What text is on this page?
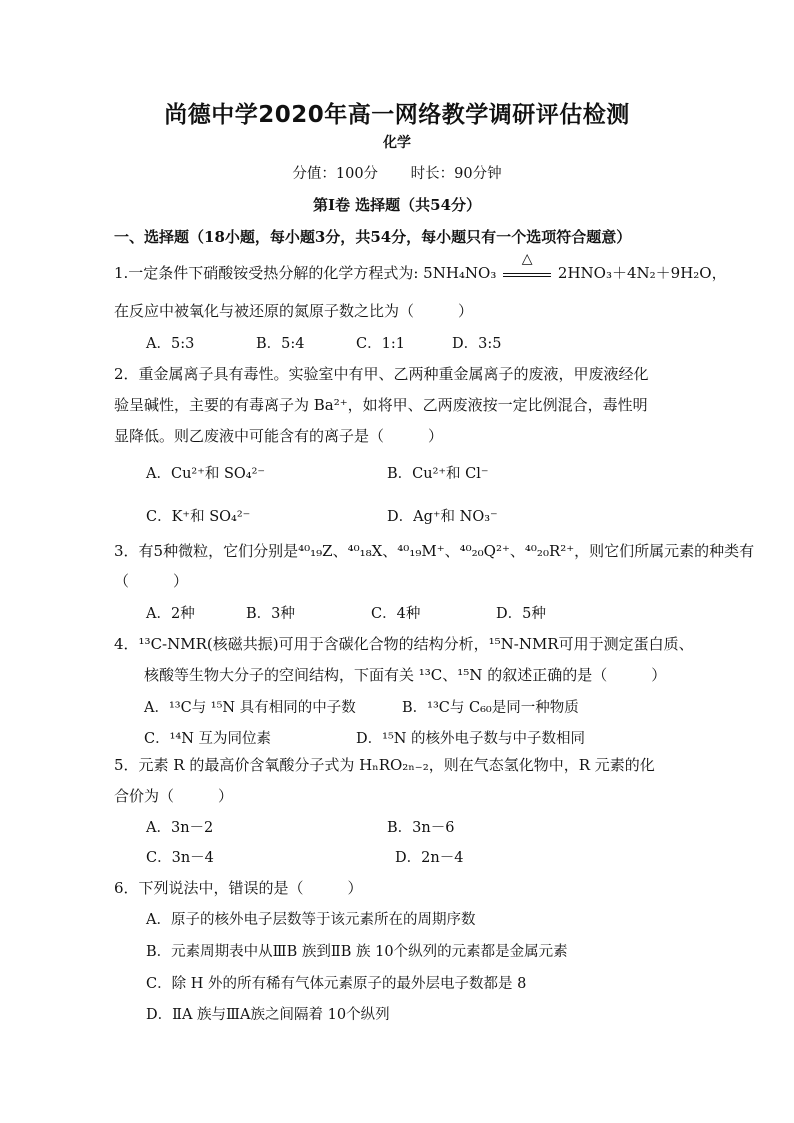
尚德中学2020年高一网络教学调研评估检测
化学
分值：100分 时长：90分钟
第Ⅰ卷 选择题（共54分）
一、选择题（18小题，每小题3分，共54分，每小题只有一个选项符合题意）
1.一定条件下硝酸铵受热分解的化学方程式为: 5NH₄NO₃
△
2HNO₃＋4N₂＋9H₂O，
在反应中被氧化与被还原的氮原子数之比为（	）
A．5:3	B．5:4	C．1:1	D．3:5
2．重金属离子具有毒性。实验室中有甲、乙两种重金属离子的废液，甲废液经化
验呈碱性，主要的有毒离子为 Ba²⁺，如将甲、乙两废液按一定比例混合，毒性明
显降低。则乙废液中可能含有的离子是（	）
A．Cu²⁺和 SO₄²⁻	B．Cu²⁺和 Cl⁻
C．K⁺和 SO₄²⁻	D．Ag⁺和 NO₃⁻
3．有5种微粒，它们分别是⁴⁰₁₉Z、⁴⁰₁₈X、⁴⁰₁₉M⁺、⁴⁰₂₀Q²⁺、⁴⁰₂₀R²⁺，则它们所属元素的种类有
（	）
A．2种	B．3种	C．4种	D．5种
4．¹³C-NMR(核磁共振)可用于含碳化合物的结构分析，¹⁵N-NMR可用于测定蛋白质、
核酸等生物大分子的空间结构，下面有关 ¹³C、¹⁵N 的叙述正确的是（	）
A．¹³C与 ¹⁵N 具有相同的中子数	B．¹³C与 C₆₀是同一种物质
C．¹⁴N 互为同位素	D．¹⁵N 的核外电子数与中子数相同
5．元素 R 的最高价含氧酸分子式为 HₙRO₂ₙ₋₂，则在气态氢化物中，R 元素的化
合价为（	）
A．3n－2	B．3n－6
C．3n－4	D．2n－4
6．下列说法中，错误的是（	）
A．原子的核外电子层数等于该元素所在的周期序数
B．元素周期表中从ⅢB 族到ⅡB 族 10个纵列的元素都是金属元素
C．除 H 外的所有稀有气体元素原子的最外层电子数都是 8
D．ⅡA 族与ⅢA族之间隔着 10个纵列
